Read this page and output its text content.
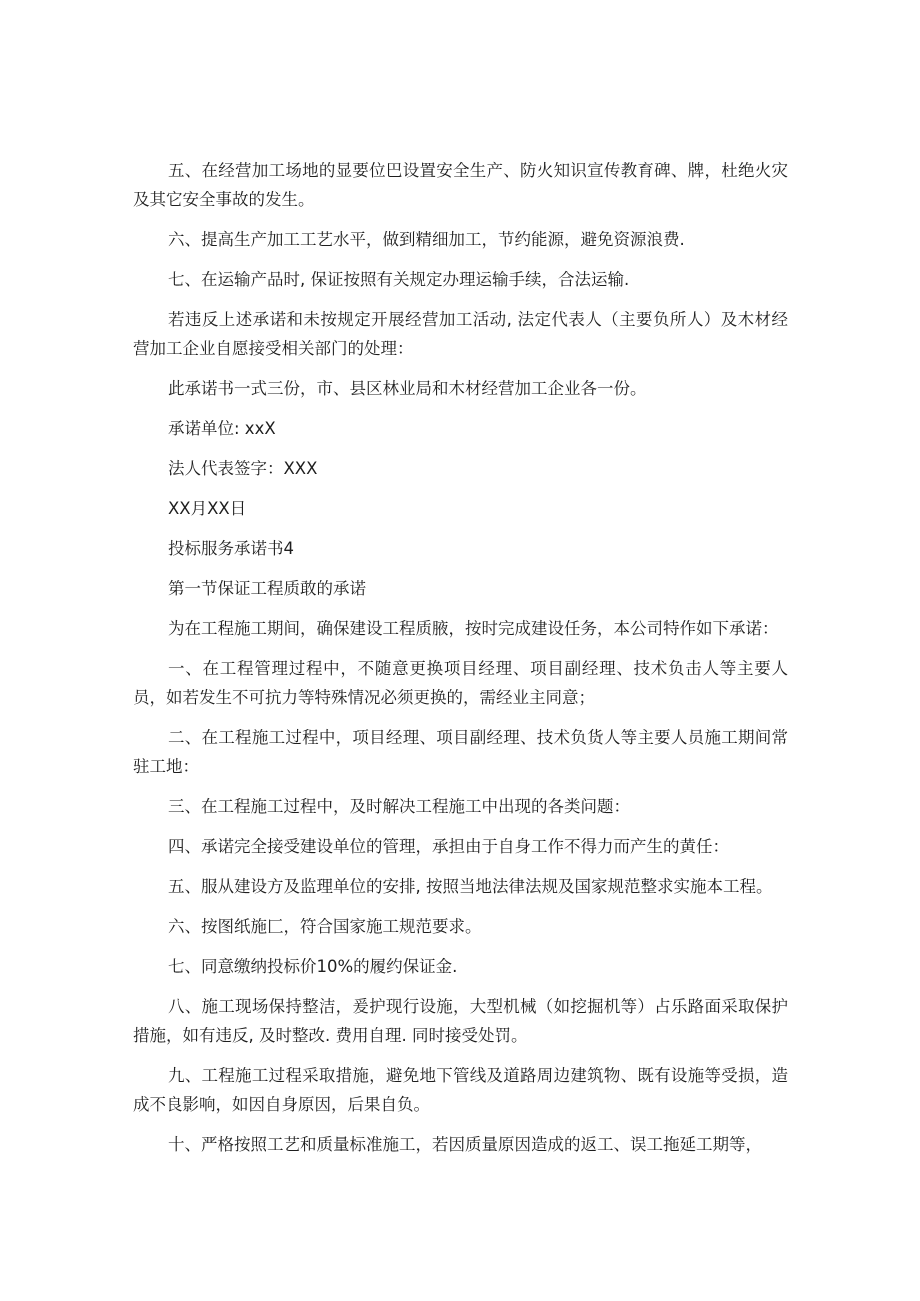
五、在经营加工场地的显要位巴设置安全生产、防火知识宣传教育碑、牌，杜绝火灾及其它安全事故的发生。

六、提高生产加工工艺水平，做到精细加工，节约能源，避免资源浪费.

七、在运输产品时, 保证按照有关规定办理运输手续，合法运输.

若违反上述承诺和未按规定开展经营加工活动, 法定代表人（主要负所人）及木材经营加工企业自愿接受相关部门的处理：

此承诺书一式三份，市、县区林业局和木材经营加工企业各一份。

承诺单位: xxX

法人代表签字：XXX

XX月XX日

投标服务承诺书4

第一节保证工程质敢的承诺

为在工程施工期间，确保建设工程质腋，按时完成建设任务，本公司特作如下承诺：

一、在工程管理过程中，不随意更换项目经理、项目副经理、技术负击人等主要人员，如若发生不可抗力等特殊情况必须更换的，需经业主同意；

二、在工程施工过程中，项目经理、项目副经理、技术负货人等主要人员施工期间常驻工地：

三、在工程施工过程中，及时解决工程施工中出现的各类问题：

四、承诺完全接受建设单位的管理，承担由于自身工作不得力而产生的黄任：

五、服从建设方及监理单位的安排, 按照当地法律法规及国家规范整求实施本工程。

六、按图纸施匚，符合国家施工规范要求。

七、同意缴纳投标价10%的履约保证金.

八、施工现场保持整洁，爰护现行设施，大型机械（如挖掘机等）占乐路面采取保护措施，如有违反, 及时整改. 费用自理. 同时接受处罚。

九、工程施工过程采取措施，避免地下管线及道路周边建筑物、既有设施等受损，造成不良影响，如因自身原因，后果自负。

十、严格按照工艺和质量标准施工，若因质量原因造成的返工、误工拖延工期等，
